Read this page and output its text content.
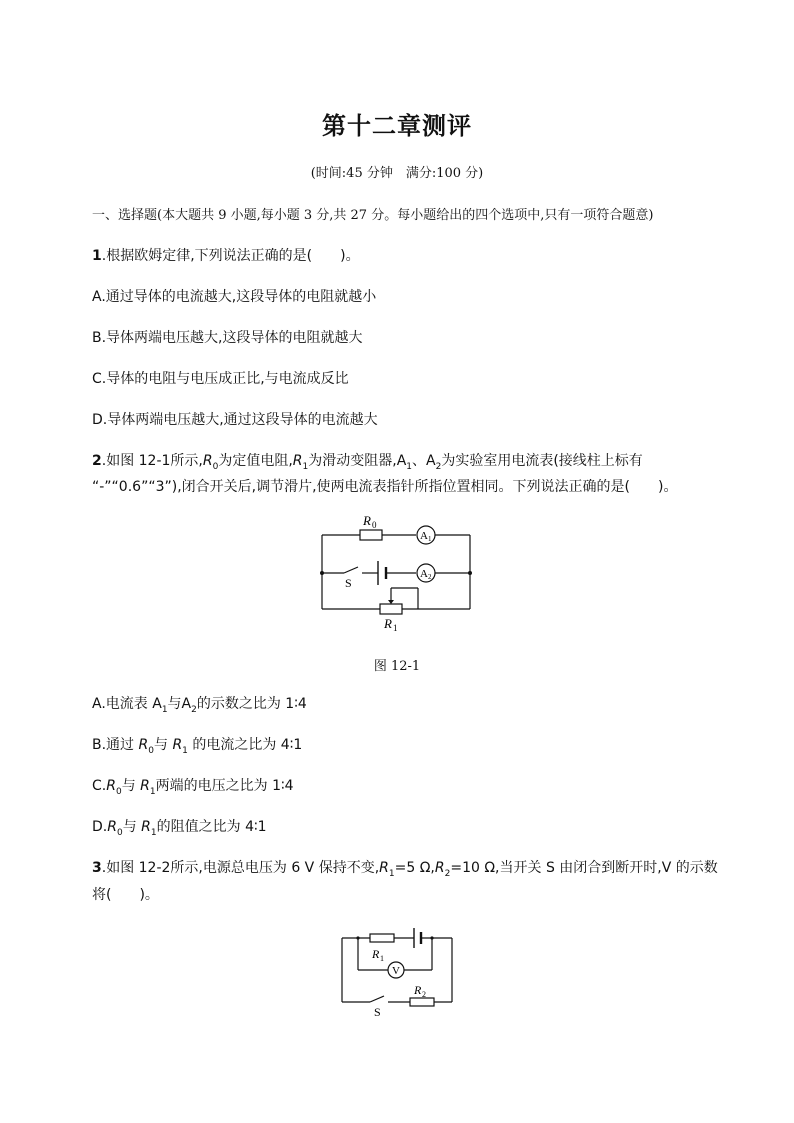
第十二章测评
(时间:45 分钟　满分:100 分)
一、选择题(本大题共 9 小题,每小题 3 分,共 27 分。每小题给出的四个选项中,只有一项符合题意)
1.根据欧姆定律,下列说法正确的是(　　)。
A.通过导体的电流越大,这段导体的电阻就越小
B.导体两端电压越大,这段导体的电阻就越大
C.导体的电阻与电压成正比,与电流成反比
D.导体两端电压越大,通过这段导体的电流越大
2.如图 12-1所示$,R_0$为定值电阻$,R_1$为滑动变阻器$,A_1$、$A_2$为实验室用电流表(接线柱上标有
“-”“0.6”“3”),闭合开关后,调节滑片,使两电流表指针所指位置相同。下列说法正确的是(　　)。
R 0
A 1
A 2
S
R 1
图 12-1
A.电流表 $A_1$与$A_2$的示数之比为 1∶4
B.通过 $R_0$与 $R_1$ 的电流之比为 4∶1
$C.R_0$与 $R_1$两端的电压之比为 1∶4
$D.R_0$与 $R_1$的阻值之比为 4∶1
3.如图 12-2所示,电源总电压为 6 V 保持不变$,R_1=5$ $\Omega,R_2=10$ Ω,当开关 S 由闭合到断开时,V 的示数
将(　　)。
R 1
V
R 2
S
